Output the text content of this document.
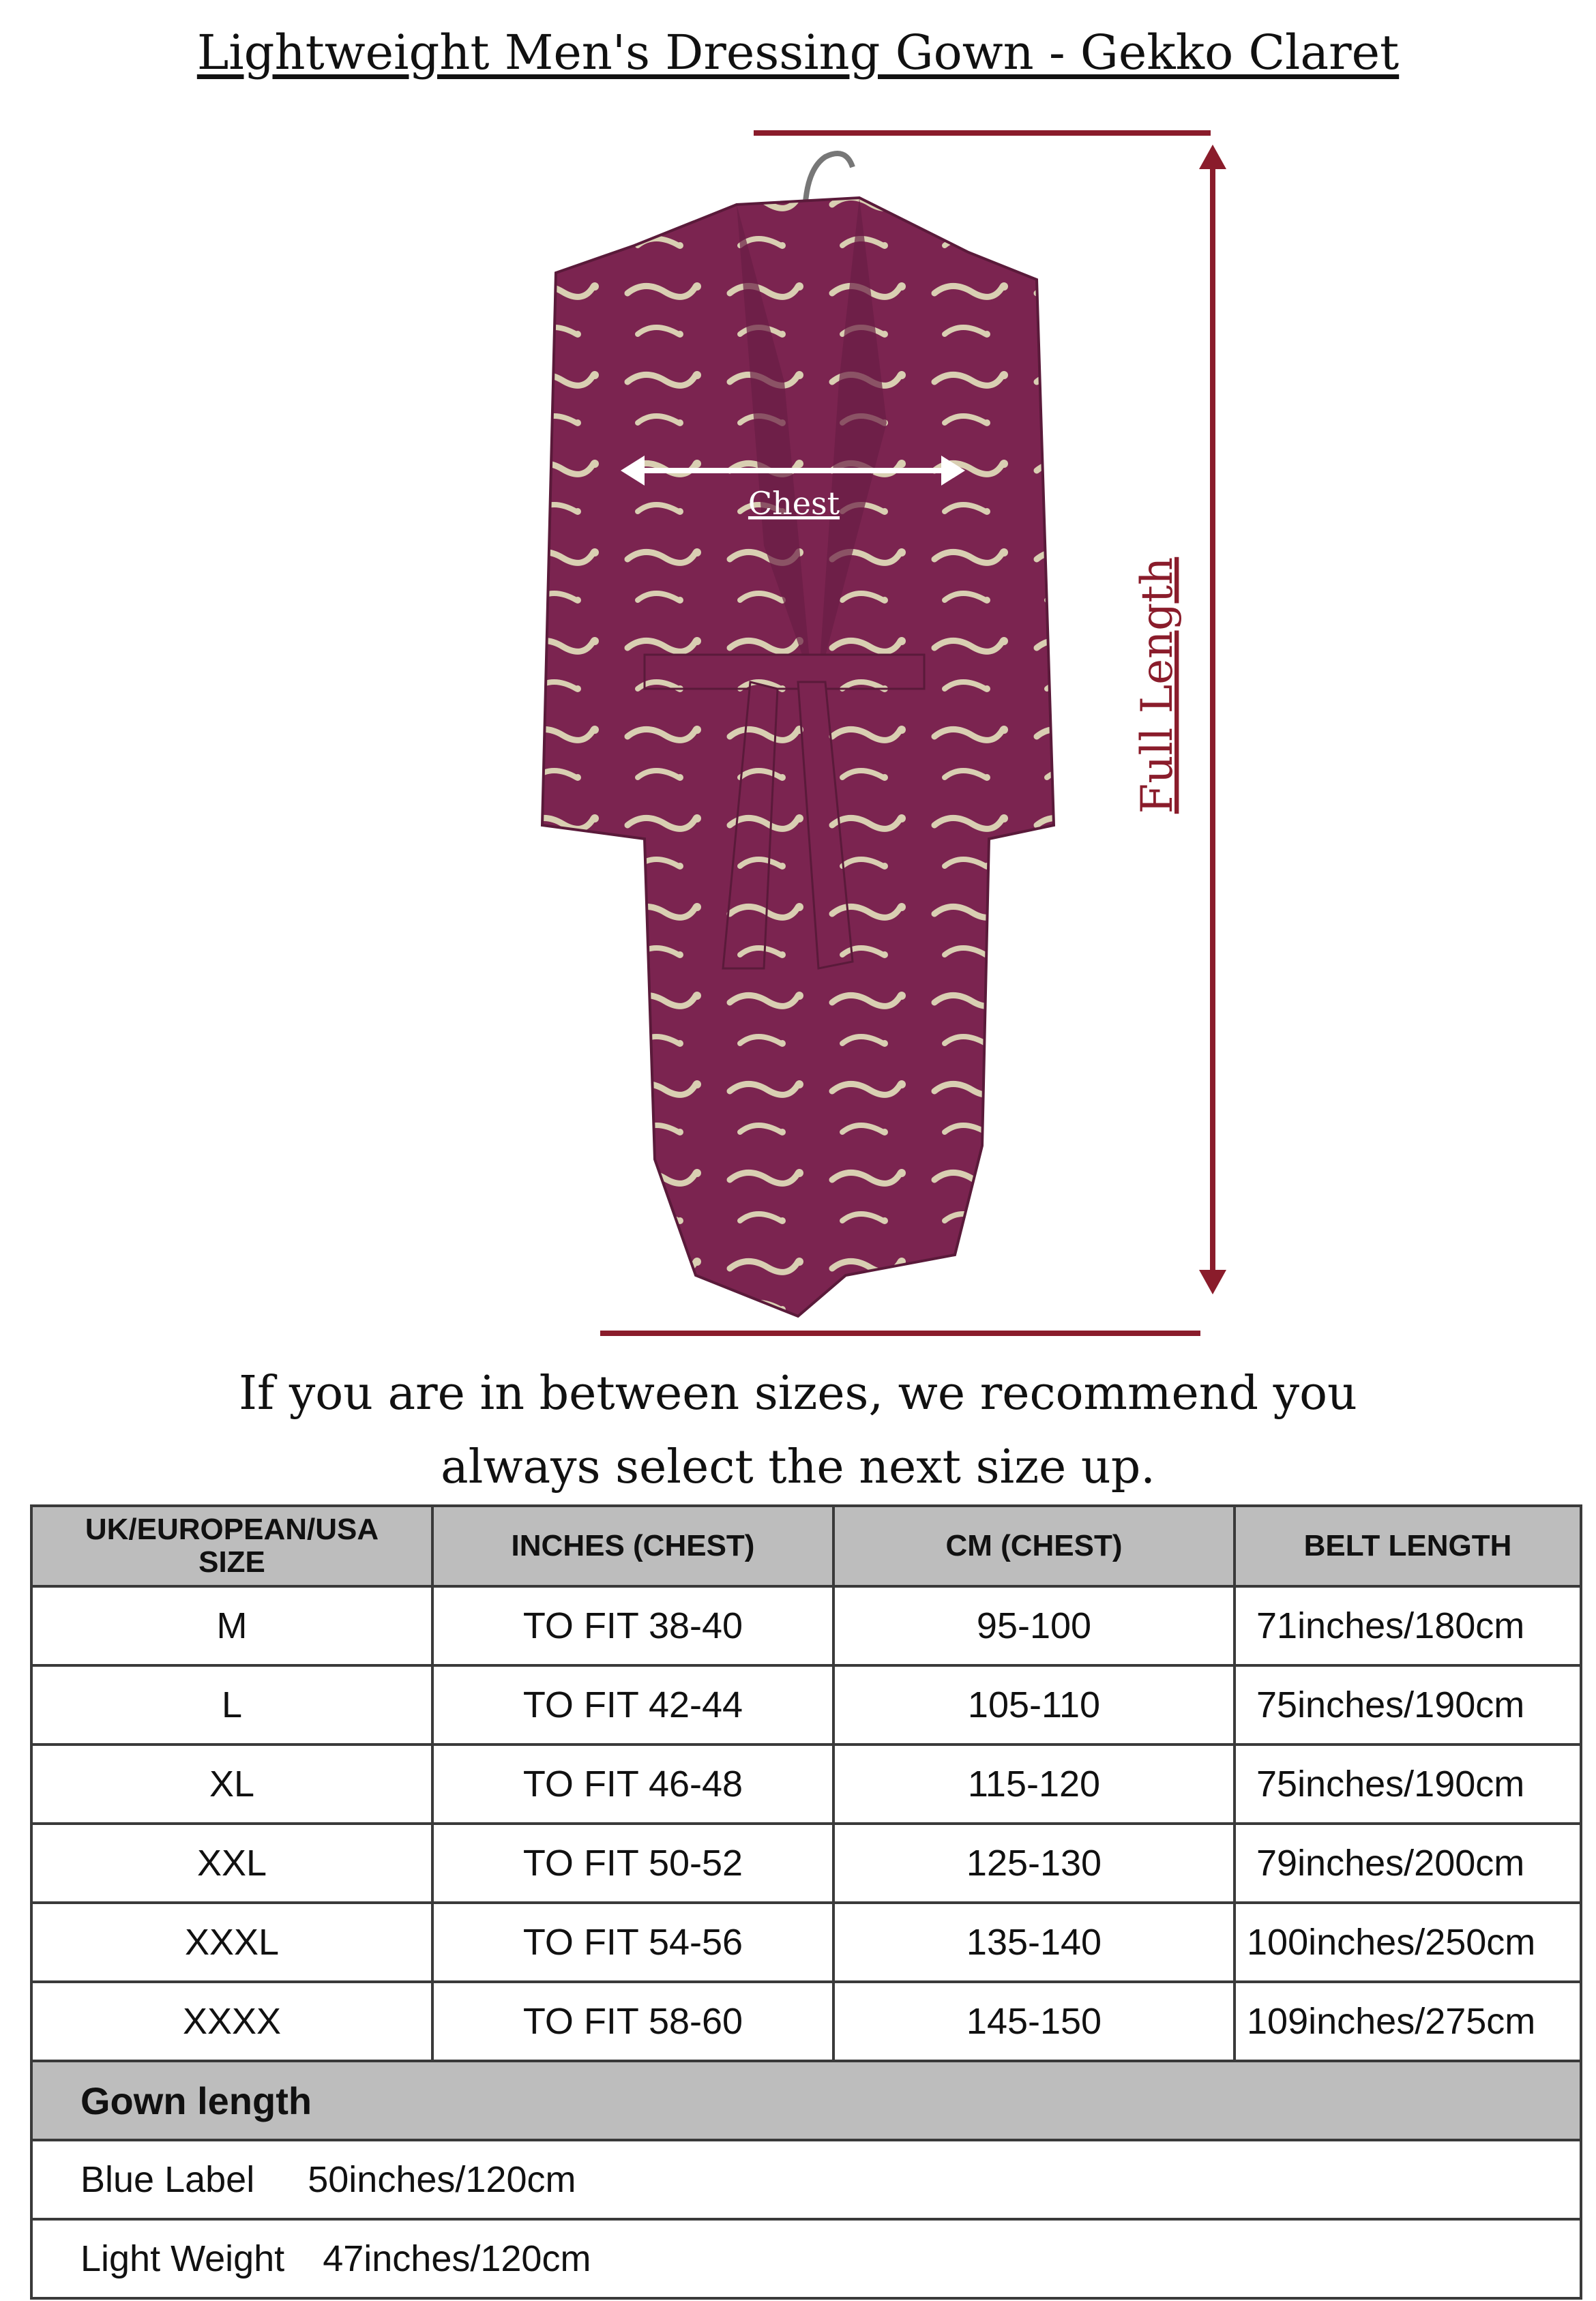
Lightweight Men's Dressing Gown - Gekko Claret
Chest
Full Length
If you are in between sizes, we recommend you
always select the next size up.
UK/EUROPEAN/USA SIZE	INCHES (CHEST)	CM (CHEST)	BELT LENGTH
M	TO FIT 38-40	95-100	71inches/180cm
L	TO FIT 42-44	105-110	75inches/190cm
XL	TO FIT 46-48	115-120	75inches/190cm
XXL	TO FIT 50-52	125-130	79inches/200cm
XXXL	TO FIT 54-56	135-140	100inches/250cm
XXXX	TO FIT 58-60	145-150	109inches/275cm
Gown length			
Blue Label 50inches/120cm			
Light Weight 47inches/120cm			
